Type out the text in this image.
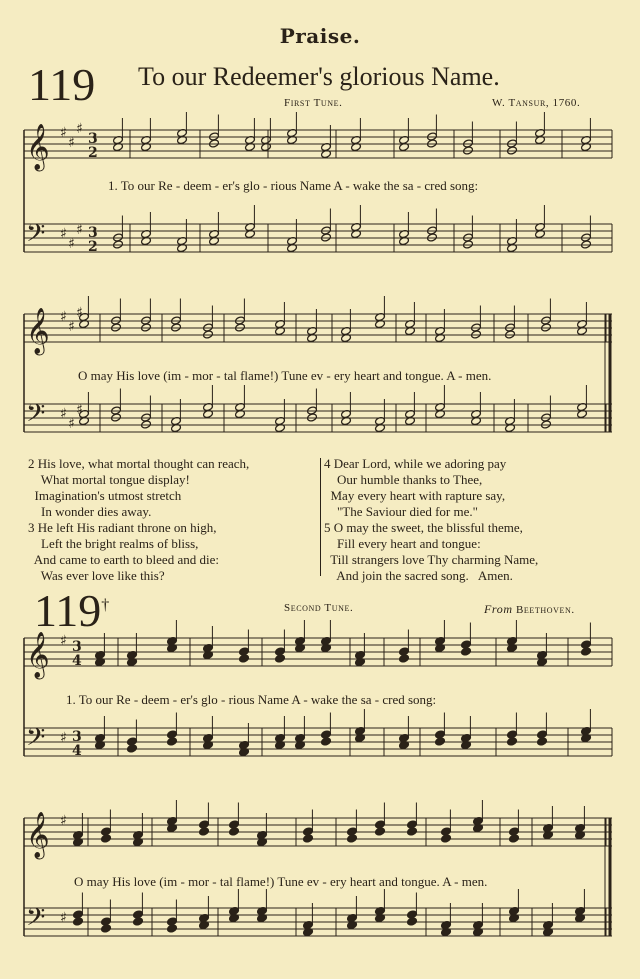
Praise.
119 To our Redeemer's glorious Name.
First Tune.	W. Tansur, 1760.
𝄞 ♯
♯
♯
3
2
𝄢 ♯
♯
♯ 3
2
1. To our Re - deem - er's glo - rious Name A - wake the sa - cred song:
𝄞 ♯
♯
♯
𝄢 ♯
♯
♯
O may His love (im - mor - tal flame!) Tune ev - ery heart and tongue. A - men.
2 His love, what mortal thought can reach,
What mortal tongue display!
Imagination's utmost stretch
In wonder dies away.
3 He left His radiant throne on high,
Left the bright realms of bliss,
And came to earth to bleed and die:
Was ever love like this?
4 Dear Lord, while we adoring pay
Our humble thanks to Thee,
May every heart with rapture say,
"The Saviour died for me."
5 O may the sweet, the blissful theme,
Fill every heart and tongue:
Till strangers love Thy charming Name,
And join the sacred song.   Amen.
119†	Second Tune.	From Beethoven.
𝄞 ♯ 3
4
𝄢 ♯ 3
4
1. To our Re - deem - er's glo - rious Name A - wake the sa - cred song:
𝄞 ♯
𝄢 ♯
O may His love (im - mor - tal flame!) Tune ev - ery heart and tongue. A - men.
